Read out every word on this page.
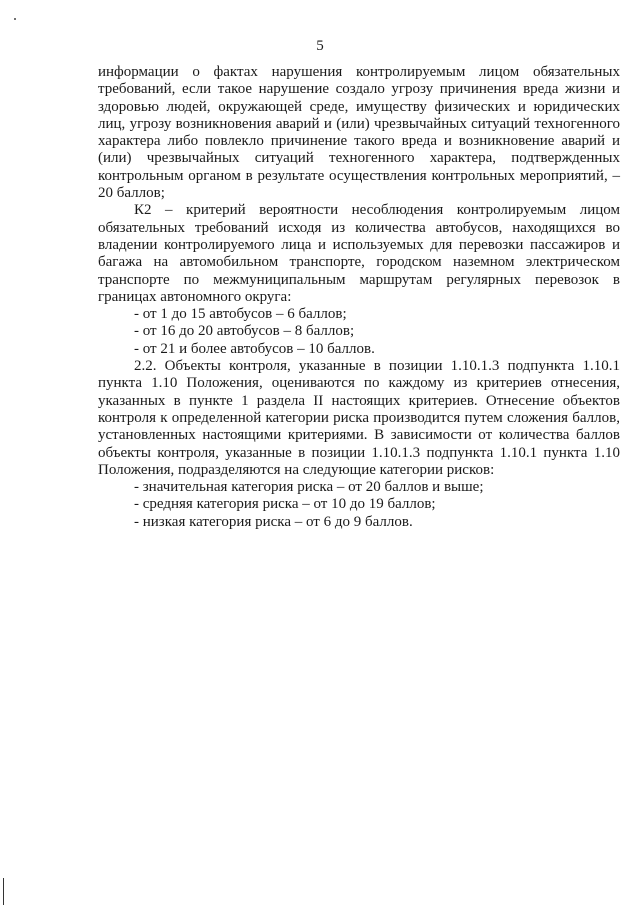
5

информации о фактах нарушения контролируемым лицом обязательных требований, если такое нарушение создало угрозу причинения вреда жизни и здоровью людей, окружающей среде, имуществу физических и юридических лиц, угрозу возникновения аварий и (или) чрезвычайных ситуаций техногенного характера либо повлекло причинение такого вреда и возникновение аварий и (или) чрезвычайных ситуаций техногенного характера, подтвержденных контрольным органом в результате осуществления контрольных мероприятий, – 20 баллов;

К2 – критерий вероятности несоблюдения контролируемым лицом обязательных требований исходя из количества автобусов, находящихся во владении контролируемого лица и используемых для перевозки пассажиров и багажа на автомобильном транспорте, городском наземном электрическом транспорте по межмуниципальным маршрутам регулярных перевозок в границах автономного округа:

- от 1 до 15 автобусов – 6 баллов;

- от 16 до 20 автобусов – 8 баллов;

- от 21 и более автобусов – 10 баллов.

2.2. Объекты контроля, указанные в позиции 1.10.1.3 подпункта 1.10.1 пункта 1.10 Положения, оцениваются по каждому из критериев отнесения, указанных в пункте 1 раздела II настоящих критериев. Отнесение объектов контроля к определенной категории риска производится путем сложения баллов, установленных настоящими критериями. В зависимости от количества баллов объекты контроля, указанные в позиции 1.10.1.3 подпункта 1.10.1 пункта 1.10 Положения, подразделяются на следующие категории рисков:

- значительная категория риска – от 20 баллов и выше;

- средняя категория риска – от 10 до 19 баллов;

- низкая категория риска – от 6 до 9 баллов.
